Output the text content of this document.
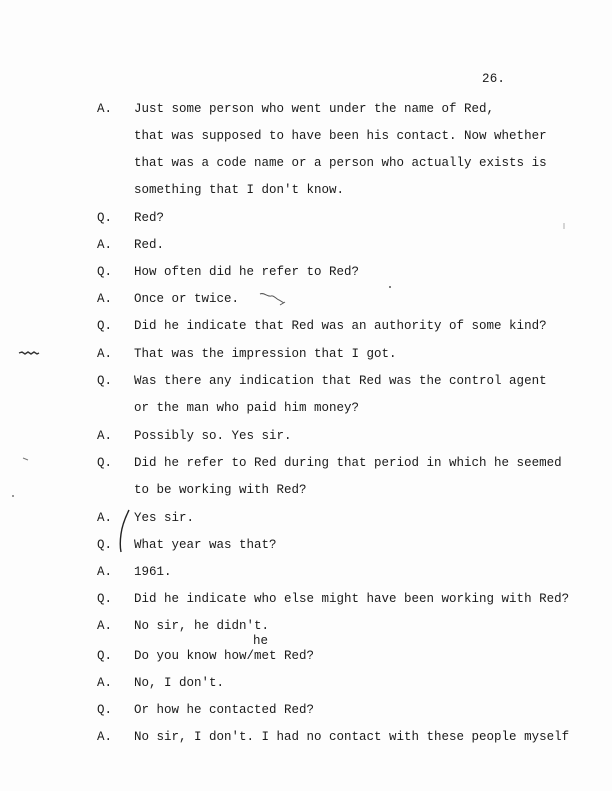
26.
A. Just some person who went under the name of Red,
that was supposed to have been his contact. Now whether
that was a code name or a person who actually exists is
something that I don't know.
Q. Red?
A. Red.
Q. How often did he refer to Red?
A. Once or twice.
Q. Did he indicate that Red was an authority of some kind?
A. That was the impression that I got.
Q. Was there any indication that Red was the control agent
or the man who paid him money?
A. Possibly so. Yes sir.
Q. Did he refer to Red during that period in which he seemed
to be working with Red?
A. Yes sir.
Q. What year was that?
A. 1961.
Q. Did he indicate who else might have been working with Red?
A. No sir, he didn't.
he
Q. Do you know how/met Red?
A. No, I don't.
Q. Or how he contacted Red?
A. No sir, I don't. I had no contact with these people myself
